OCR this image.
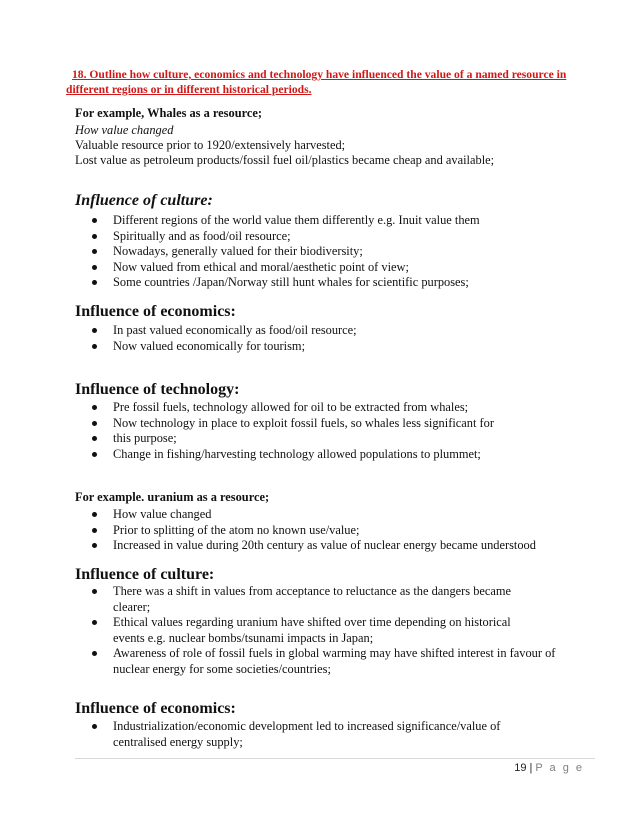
18. Outline how culture, economics and technology have influenced the value of a named resource in
different regions or in different historical periods.
For example, Whales as a resource;
How value changed
Valuable resource prior to 1920/extensively harvested;
Lost value as petroleum products/fossil fuel oil/plastics became cheap and available;
Influence of culture:
Different regions of the world value them differently e.g. Inuit value them
Spiritually and as food/oil resource;
Nowadays, generally valued for their biodiversity;
Now valued from ethical and moral/aesthetic point of view;
Some countries /Japan/Norway still hunt whales for scientific purposes;
Influence of economics:
In past valued economically as food/oil resource;
Now valued economically for tourism;
Influence of technology:
Pre fossil fuels, technology allowed for oil to be extracted from whales;
Now technology in place to exploit fossil fuels, so whales less significant for
this purpose;
Change in fishing/harvesting technology allowed populations to plummet;
For example. uranium as a resource;
How value changed
Prior to splitting of the atom no known use/value;
Increased in value during 20th century as value of nuclear energy became understood
Influence of culture:
There was a shift in values from acceptance to reluctance as the dangers became
clearer;
Ethical values regarding uranium have shifted over time depending on historical
events e.g. nuclear bombs/tsunami impacts in Japan;
Awareness of role of fossil fuels in global warming may have shifted interest in favour of
nuclear energy for some societies/countries;
Influence of economics:
Industrialization/economic development led to increased significance/value of
centralised energy supply;
19 | P a g e
